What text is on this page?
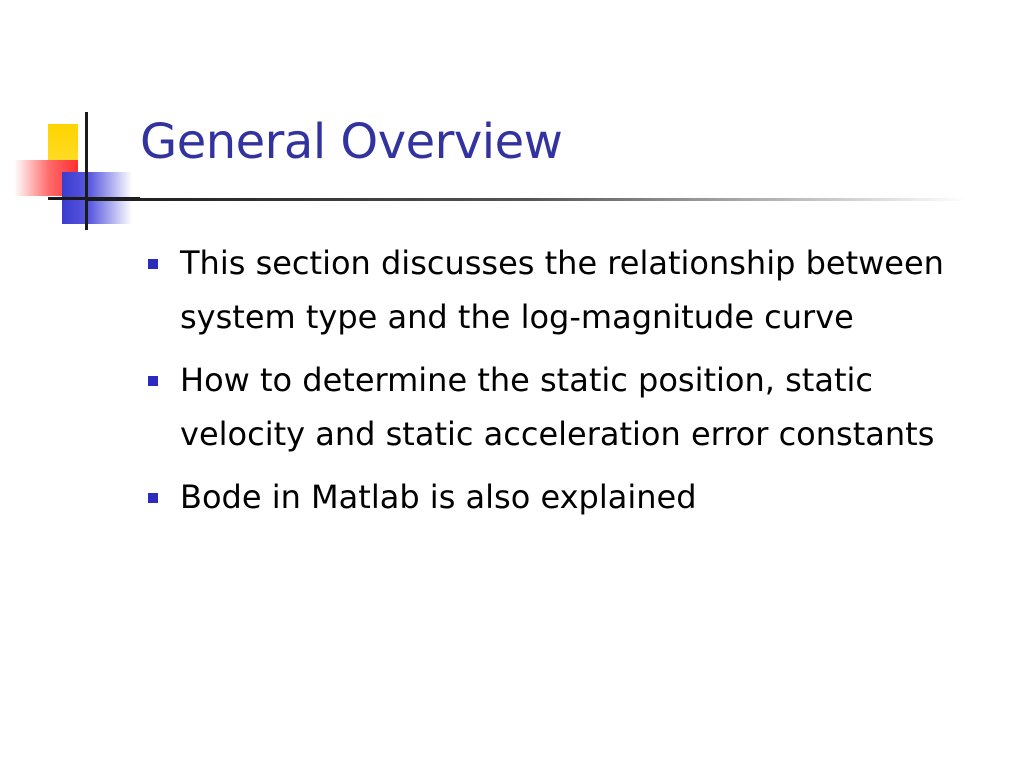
General Overview
This section discusses the relationship between system type and the log-magnitude curve
How to determine the static position, static velocity and static acceleration error constants
Bode in Matlab is also explained
